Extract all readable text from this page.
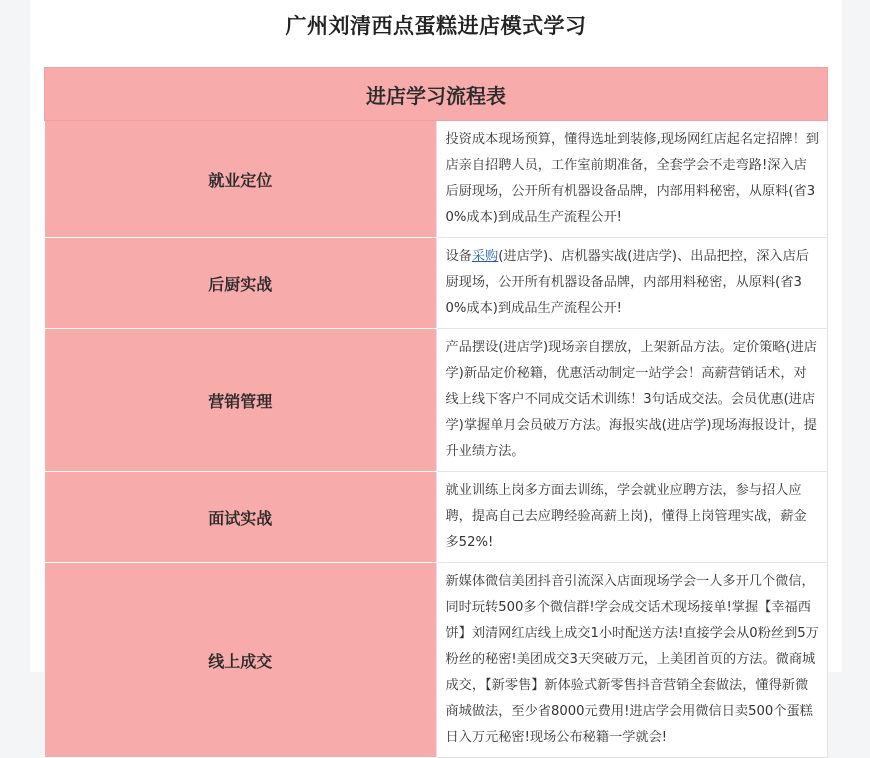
广州刘清西点蛋糕进店模式学习
进店学习流程表	
就业定位	投资成本现场预算，懂得选址到装修,现场网红店起名定招牌！到店亲自招聘人员，工作室前期准备，全套学会不走弯路!深入店后厨现场，公开所有机器设备品牌，内部用料秘密，从原料(省30%成本)到成品生产流程公开!
后厨实战	设备采购(进店学)、店机器实战(进店学)、出品把控，深入店后厨现场，公开所有机器设备品牌，内部用料秘密，从原料(省30%成本)到成品生产流程公开!
营销管理	产品摆设(进店学)现场亲自摆放，上架新品方法。定价策略(进店学)新品定价秘籍，优惠活动制定一站学会！高薪营销话术，对线上线下客户不同成交话术训练！3句话成交法。会员优惠(进店学)掌握单月会员破万方法。海报实战(进店学)现场海报设计，提升业绩方法。
面试实战	就业训练上岗多方面去训练，学会就业应聘方法，参与招人应聘，提高自己去应聘经验高薪上岗)，懂得上岗管理实战，薪金多52%!
线上成交	新媒体微信美团抖音引流深入店面现场学会一人多开几个微信，同时玩转500多个微信群!学会成交话术现场接单!掌握【幸福西饼】刘清网红店线上成交1小时配送方法!直接学会从0粉丝到5万粉丝的秘密!美团成交3天突破万元，上美团首页的方法。微商城成交，【新零售】新体验式新零售抖音营销全套做法，懂得新微商城做法，至少省8000元费用!进店学会用微信日卖500个蛋糕日入万元秘密!现场公布秘籍一学就会!
